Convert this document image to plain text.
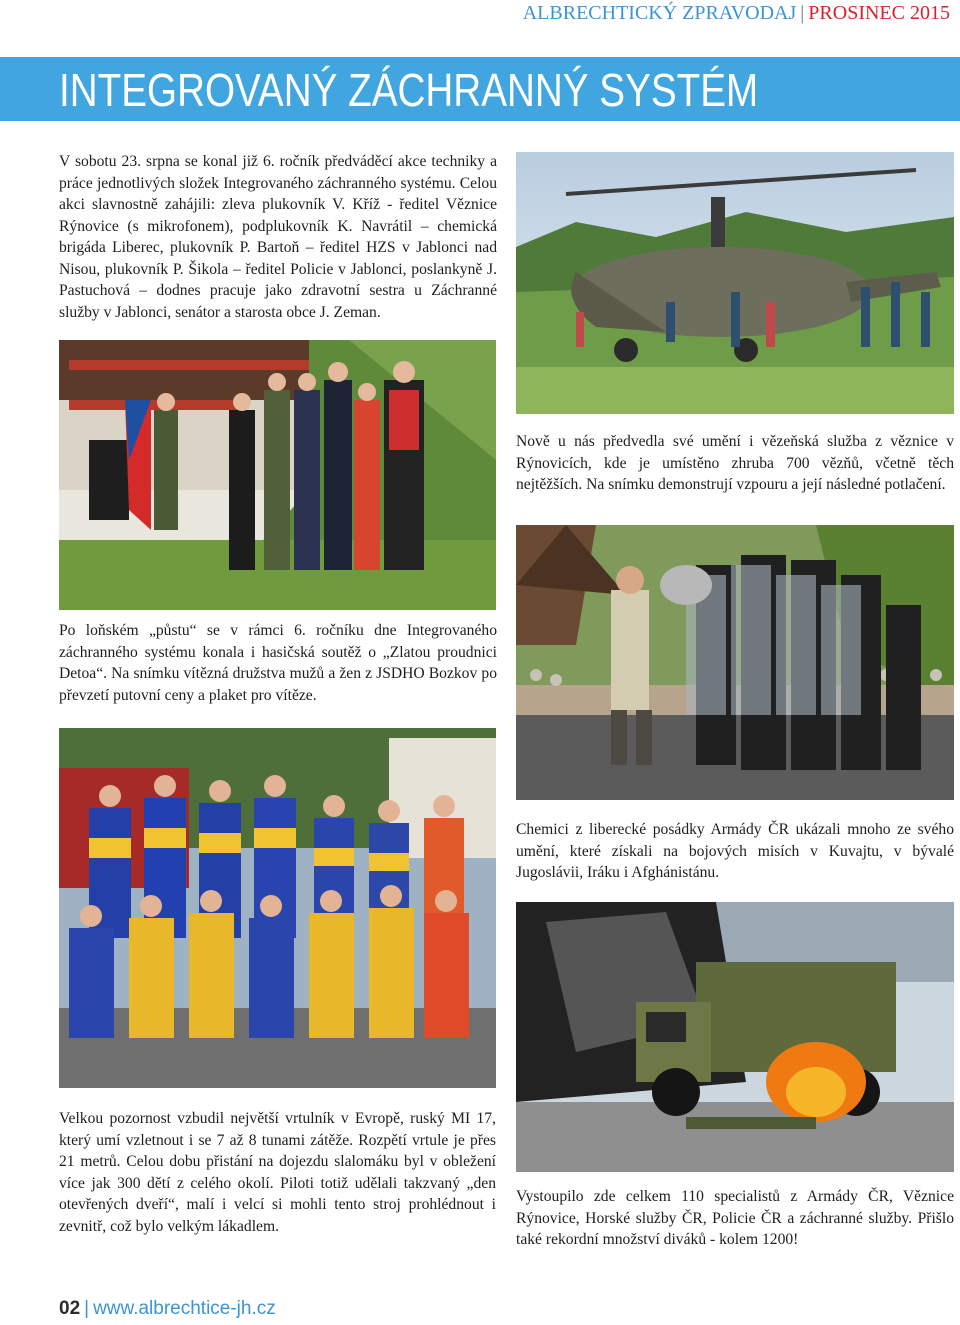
ALBRECHTICKÝ ZPRAVODAJ | PROSINEC 2015
INTEGROVANÝ ZÁCHRANNÝ SYSTÉM

V sobotu 23. srpna se konal již 6. ročník předváděcí akce techniky a práce jednotlivých složek Integrovaného záchranného systému. Celou akci slavnostně zahájili: zleva plukovník V. Kříž - ředitel Věznice Rýnovice (s mikrofonem), podplukovník K. Navrátil – chemická brigáda Liberec, plukovník P. Bartoň – ředitel HZS v Jablonci nad Nisou, plukovník P. Šikola – ředitel Policie v Jablonci, poslankyně J. Pastuchová – dodnes pracuje jako zdravotní sestra u Záchranné služby v Jablonci, senátor a starosta obce J. Zeman.

Nově u nás předvedla své umění i vězeňská služba z věznice v Rýnovicích, kde je umístěno zhruba 700 vězňů, včetně těch nejtěžších. Na snímku demonstrují vzpouru a její následné potlačení.

Po loňském „půstu“ se v rámci 6. ročníku dne Integrovaného záchranného systému konala i hasičská soutěž o „Zlatou proudnici Detoa“. Na snímku vítězná družstva mužů a žen z JSDHO Bozkov po převzetí putovní ceny a plaket pro vítěze.

Chemici z liberecké posádky Armády ČR ukázali mnoho ze svého umění, které získali na bojových misích v Kuvajtu, v bývalé Jugoslávii, Iráku i Afghánistánu.

Velkou pozornost vzbudil největší vrtulník v Evropě, ruský MI 17, který umí vzletnout i se 7 až 8 tunami zátěže. Rozpětí vrtule je přes 21 metrů. Celou dobu přistání na dojezdu slalomáku byl v obležení více jak 300 dětí z celého okolí. Piloti totiž udělali takzvaný „den otevřených dveří“, malí i velcí si mohli tento stroj prohlédnout i zevnitř, což bylo velkým lákadlem.

Vystoupilo zde celkem 110 specialistů z Armády ČR, Věznice Rýnovice, Horské služby ČR, Policie ČR a záchranné služby. Přišlo také rekordní množství diváků - kolem 1200!

02 | www.albrechtice-jh.cz
